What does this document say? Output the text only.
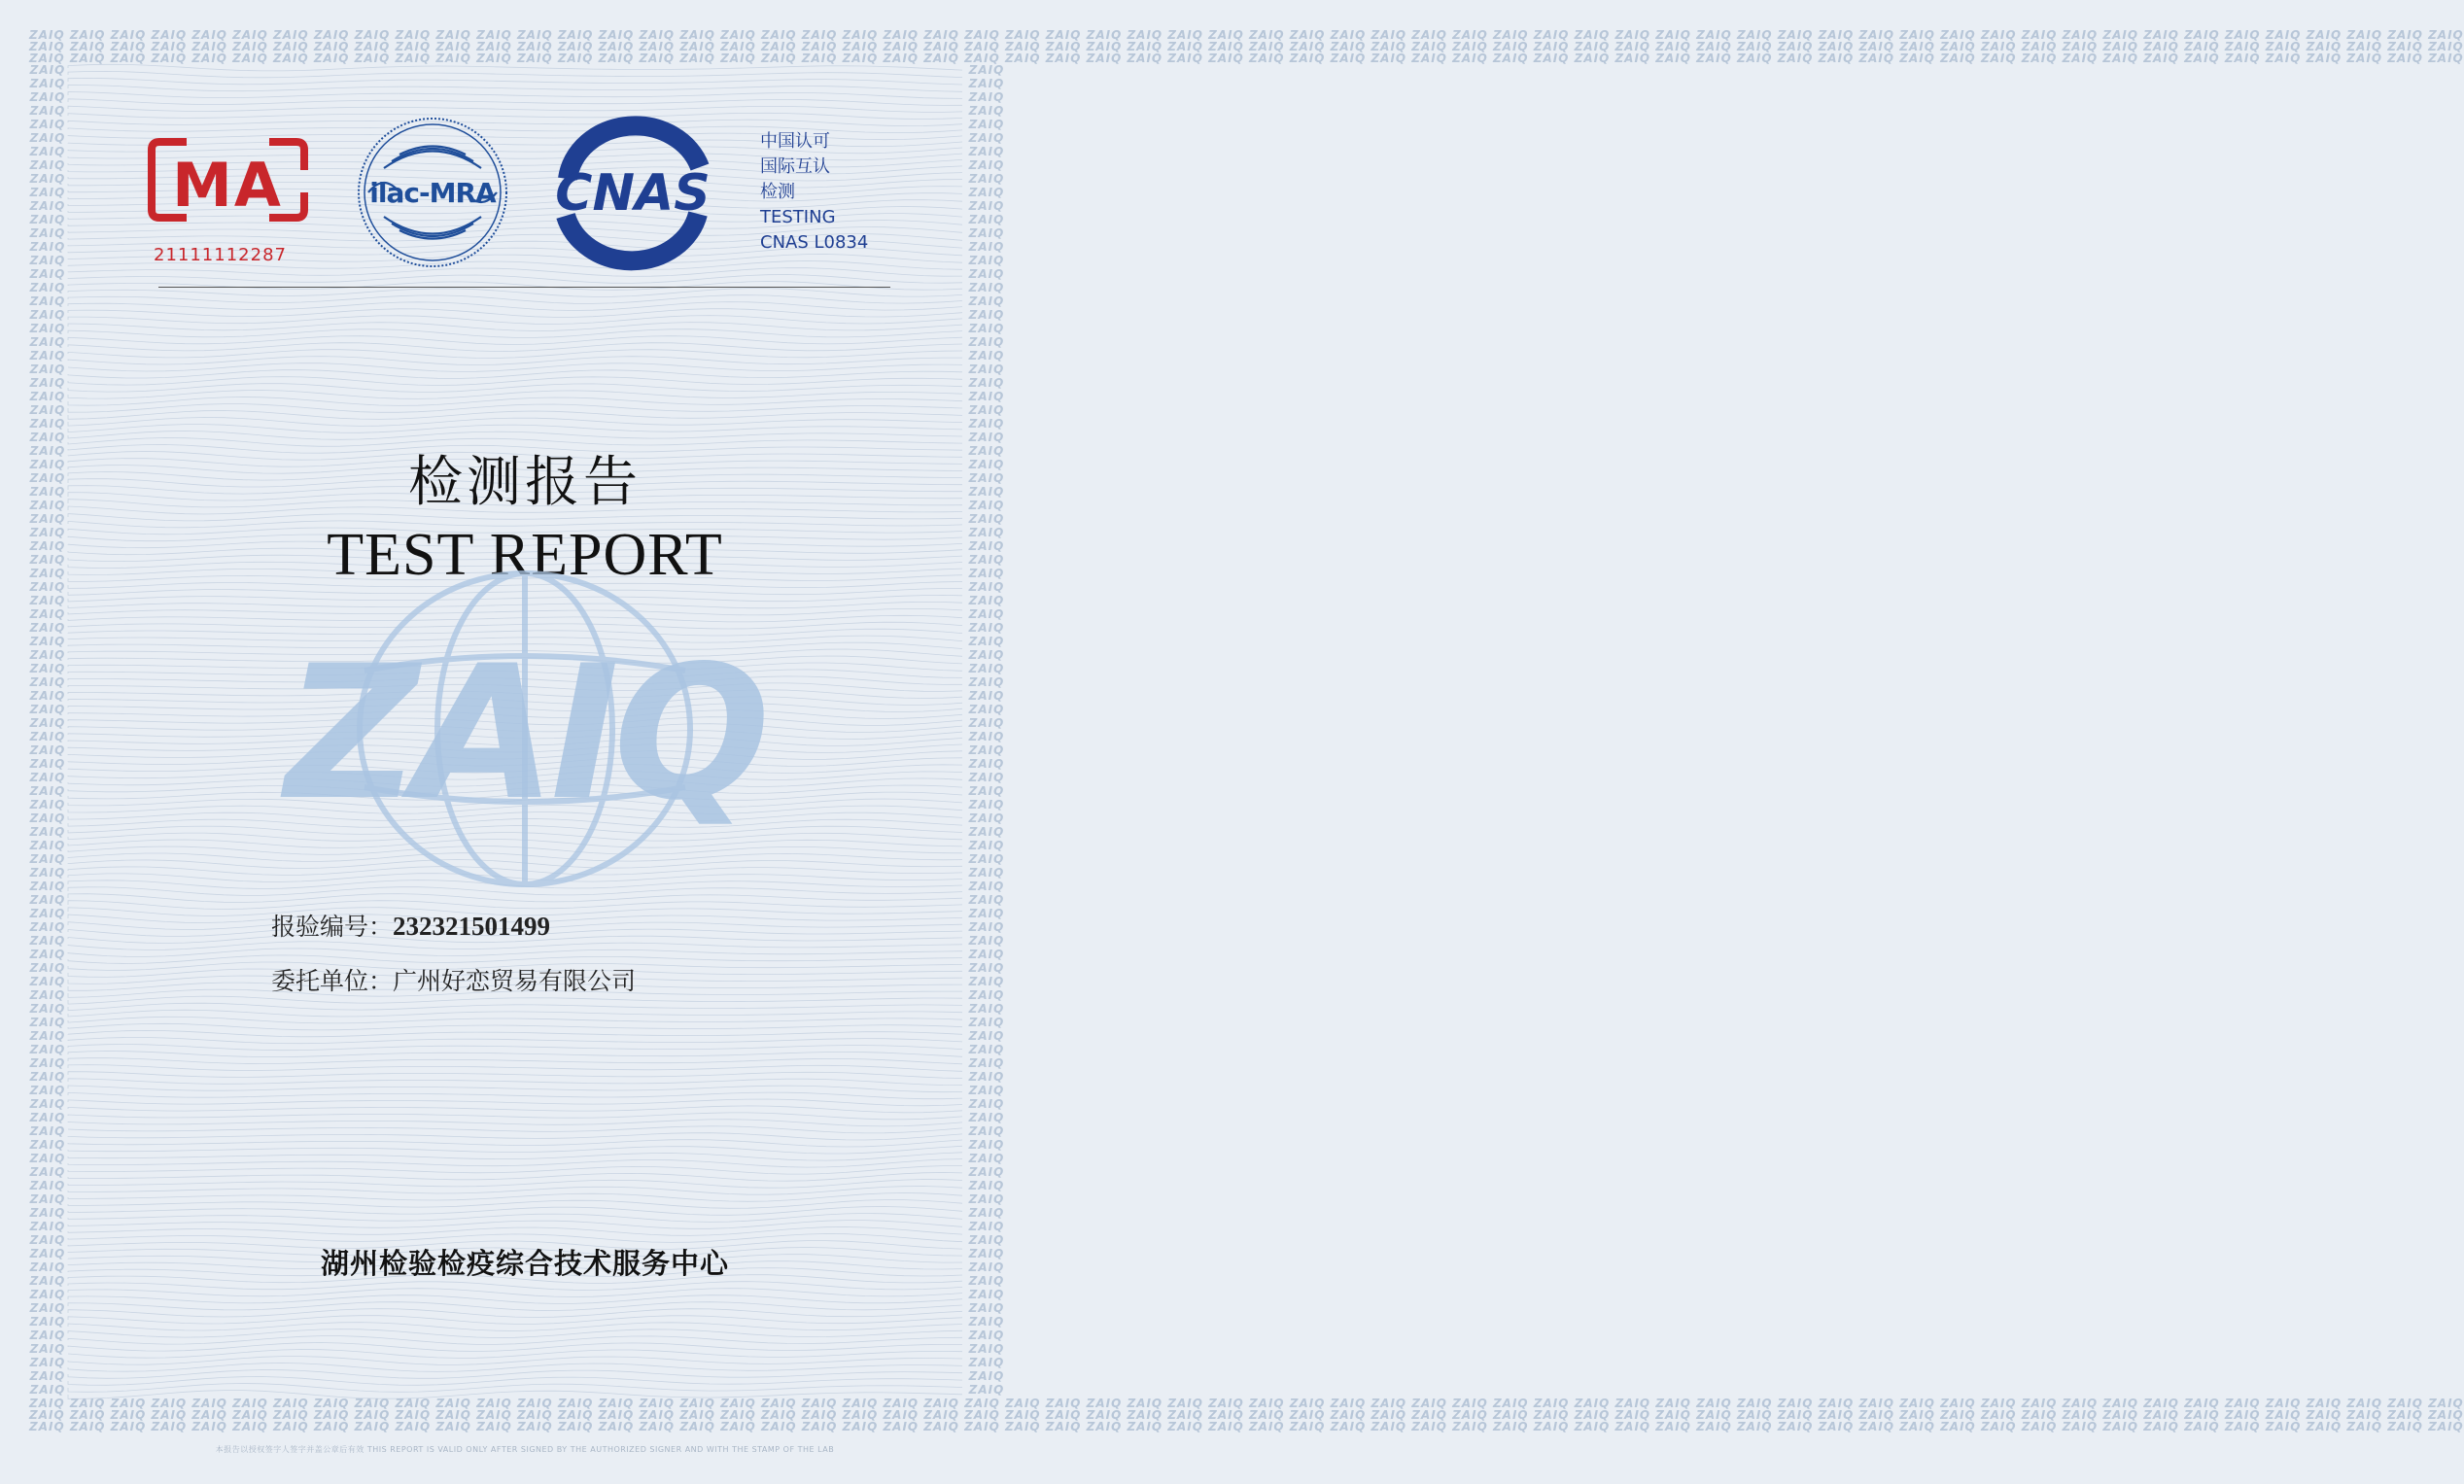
ZAIQ ZAIQ ZAIQ ZAIQ ZAIQ ZAIQ ZAIQ ZAIQ ZAIQ ZAIQ ZAIQ ZAIQ ZAIQ ZAIQ ZAIQ ZAIQ ZAIQ ZAIQ ZAIQ ZAIQ ZAIQ ZAIQ ZAIQ ZAIQ ZAIQ ZAIQ ZAIQ ZAIQ ZAIQ ZAIQ ZAIQ ZAIQ ZAIQ ZAIQ ZAIQ ZAIQ ZAIQ ZAIQ ZAIQ ZAIQ ZAIQ ZAIQ ZAIQ ZAIQ ZAIQ ZAIQ ZAIQ ZAIQ ZAIQ ZAIQ ZAIQ ZAIQ ZAIQ ZAIQ ZAIQ ZAIQ ZAIQ ZAIQ ZAIQ ZAIQ
ZAIQ ZAIQ ZAIQ ZAIQ ZAIQ ZAIQ ZAIQ ZAIQ ZAIQ ZAIQ ZAIQ ZAIQ ZAIQ ZAIQ ZAIQ ZAIQ ZAIQ ZAIQ ZAIQ ZAIQ ZAIQ ZAIQ ZAIQ ZAIQ ZAIQ ZAIQ ZAIQ ZAIQ ZAIQ ZAIQ ZAIQ ZAIQ ZAIQ ZAIQ ZAIQ ZAIQ ZAIQ ZAIQ ZAIQ ZAIQ ZAIQ ZAIQ ZAIQ ZAIQ ZAIQ ZAIQ ZAIQ ZAIQ ZAIQ ZAIQ ZAIQ ZAIQ ZAIQ ZAIQ ZAIQ ZAIQ ZAIQ ZAIQ ZAIQ ZAIQ
ZAIQ ZAIQ ZAIQ ZAIQ ZAIQ ZAIQ ZAIQ ZAIQ ZAIQ ZAIQ ZAIQ ZAIQ ZAIQ ZAIQ ZAIQ ZAIQ ZAIQ ZAIQ ZAIQ ZAIQ ZAIQ ZAIQ ZAIQ ZAIQ ZAIQ ZAIQ ZAIQ ZAIQ ZAIQ ZAIQ ZAIQ ZAIQ ZAIQ ZAIQ ZAIQ ZAIQ ZAIQ ZAIQ ZAIQ ZAIQ ZAIQ ZAIQ ZAIQ ZAIQ ZAIQ ZAIQ ZAIQ ZAIQ ZAIQ ZAIQ ZAIQ ZAIQ ZAIQ ZAIQ ZAIQ ZAIQ ZAIQ ZAIQ ZAIQ ZAIQ
ZAIQ ZAIQ ZAIQ ZAIQ ZAIQ ZAIQ ZAIQ ZAIQ ZAIQ ZAIQ ZAIQ ZAIQ ZAIQ ZAIQ ZAIQ ZAIQ ZAIQ ZAIQ ZAIQ ZAIQ ZAIQ ZAIQ ZAIQ ZAIQ ZAIQ ZAIQ ZAIQ ZAIQ ZAIQ ZAIQ ZAIQ ZAIQ ZAIQ ZAIQ ZAIQ ZAIQ ZAIQ ZAIQ ZAIQ ZAIQ ZAIQ ZAIQ ZAIQ ZAIQ ZAIQ ZAIQ ZAIQ ZAIQ ZAIQ ZAIQ ZAIQ ZAIQ ZAIQ ZAIQ ZAIQ ZAIQ ZAIQ ZAIQ ZAIQ ZAIQ
ZAIQ ZAIQ ZAIQ ZAIQ ZAIQ ZAIQ ZAIQ ZAIQ ZAIQ ZAIQ ZAIQ ZAIQ ZAIQ ZAIQ ZAIQ ZAIQ ZAIQ ZAIQ ZAIQ ZAIQ ZAIQ ZAIQ ZAIQ ZAIQ ZAIQ ZAIQ ZAIQ ZAIQ ZAIQ ZAIQ ZAIQ ZAIQ ZAIQ ZAIQ ZAIQ ZAIQ ZAIQ ZAIQ ZAIQ ZAIQ ZAIQ ZAIQ ZAIQ ZAIQ ZAIQ ZAIQ ZAIQ ZAIQ ZAIQ ZAIQ ZAIQ ZAIQ ZAIQ ZAIQ ZAIQ ZAIQ ZAIQ ZAIQ ZAIQ ZAIQ
ZAIQ ZAIQ ZAIQ ZAIQ ZAIQ ZAIQ ZAIQ ZAIQ ZAIQ ZAIQ ZAIQ ZAIQ ZAIQ ZAIQ ZAIQ ZAIQ ZAIQ ZAIQ ZAIQ ZAIQ ZAIQ ZAIQ ZAIQ ZAIQ ZAIQ ZAIQ ZAIQ ZAIQ ZAIQ ZAIQ ZAIQ ZAIQ ZAIQ ZAIQ ZAIQ ZAIQ ZAIQ ZAIQ ZAIQ ZAIQ ZAIQ ZAIQ ZAIQ ZAIQ ZAIQ ZAIQ ZAIQ ZAIQ ZAIQ ZAIQ ZAIQ ZAIQ ZAIQ ZAIQ ZAIQ ZAIQ ZAIQ ZAIQ ZAIQ ZAIQ
ZAIQ
ZAIQ
ZAIQ
ZAIQ
ZAIQ
ZAIQ
ZAIQ
ZAIQ
ZAIQ
ZAIQ
ZAIQ
ZAIQ
ZAIQ
ZAIQ
ZAIQ
ZAIQ
ZAIQ
ZAIQ
ZAIQ
ZAIQ
ZAIQ
ZAIQ
ZAIQ
ZAIQ
ZAIQ
ZAIQ
ZAIQ
ZAIQ
ZAIQ
ZAIQ
ZAIQ
ZAIQ
ZAIQ
ZAIQ
ZAIQ
ZAIQ
ZAIQ
ZAIQ
ZAIQ
ZAIQ
ZAIQ
ZAIQ
ZAIQ
ZAIQ
ZAIQ
ZAIQ
ZAIQ
ZAIQ
ZAIQ
ZAIQ
ZAIQ
ZAIQ
ZAIQ
ZAIQ
ZAIQ
ZAIQ
ZAIQ
ZAIQ
ZAIQ
ZAIQ
ZAIQ
ZAIQ
ZAIQ
ZAIQ
ZAIQ
ZAIQ
ZAIQ
ZAIQ
ZAIQ
ZAIQ
ZAIQ
ZAIQ
ZAIQ
ZAIQ
ZAIQ
ZAIQ
ZAIQ
ZAIQ
ZAIQ
ZAIQ
ZAIQ
ZAIQ
ZAIQ
ZAIQ
ZAIQ
ZAIQ
ZAIQ
ZAIQ
ZAIQ
ZAIQ
ZAIQ
ZAIQ
ZAIQ
ZAIQ
ZAIQ
ZAIQ
ZAIQ
ZAIQ
ZAIQ
ZAIQ
ZAIQ
ZAIQ
ZAIQ
ZAIQ
ZAIQ
ZAIQ
ZAIQ
ZAIQ
ZAIQ
ZAIQ
ZAIQ
ZAIQ
ZAIQ
ZAIQ
ZAIQ
ZAIQ
ZAIQ
ZAIQ
ZAIQ
ZAIQ
ZAIQ
ZAIQ
ZAIQ
ZAIQ
ZAIQ
ZAIQ
ZAIQ
ZAIQ
ZAIQ
ZAIQ
ZAIQ
ZAIQ
ZAIQ
ZAIQ
ZAIQ
ZAIQ
ZAIQ
ZAIQ
ZAIQ
ZAIQ
ZAIQ
ZAIQ
ZAIQ
ZAIQ
ZAIQ
ZAIQ
ZAIQ
ZAIQ
ZAIQ
ZAIQ
ZAIQ
ZAIQ
ZAIQ
ZAIQ
ZAIQ
ZAIQ
ZAIQ
ZAIQ
ZAIQ
ZAIQ
ZAIQ
ZAIQ
ZAIQ
ZAIQ
ZAIQ
ZAIQ
ZAIQ
ZAIQ
ZAIQ
ZAIQ
ZAIQ
ZAIQ
ZAIQ
ZAIQ
ZAIQ
ZAIQ
ZAIQ
ZAIQ
ZAIQ
ZAIQ
ZAIQ
ZAIQ
ZAIQ
ZAIQ
ZAIQ
ZAIQ
ZAIQ
ZAIQ
ZAIQ
ZAIQ
ZAIQ
ZAIQ
ZAIQ
ZAIQ
ZAIQ
ZAIQ
MA
21111112287
ilac-MRA CNAS
中国认可
国际互认
检测
TESTING
CNAS L0834
检测报告
TEST REPORT
ZAIQ
报验编号：232321501499
委托单位：广州好恋贸易有限公司
湖州检验检疫综合技术服务中心
本报告以授权签字人签字并盖公章后有效 THIS REPORT IS VALID ONLY AFTER SIGNED BY THE AUTHORIZED SIGNER AND WITH THE STAMP OF THE LAB
